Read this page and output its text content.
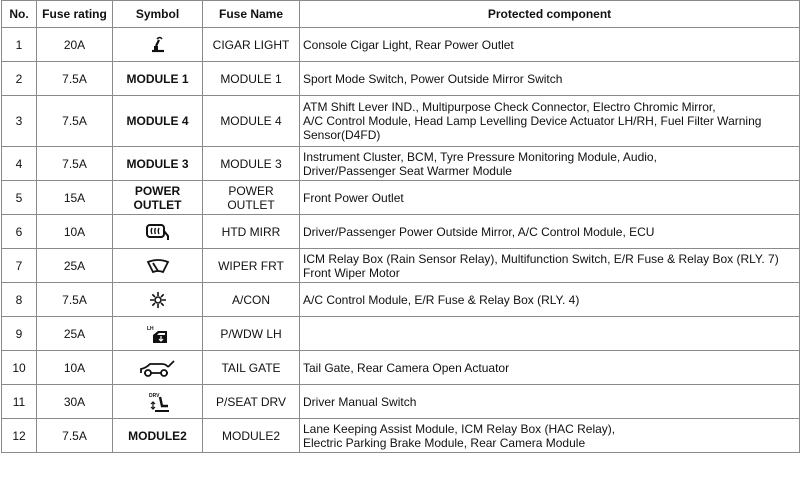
No.	Fuse rating	Symbol	Fuse Name	Protected component
1	20A		CIGAR LIGHT	Console Cigar Light, Rear Power Outlet

2	7.5A	MODULE 1	MODULE 1	Sport Mode Switch, Power Outside Mirror Switch

3	7.5A	MODULE 4	MODULE 4	ATM Shift Lever IND., Multipurpose Check Connector, Electro Chromic Mirror,
A/C Control Module, Head Lamp Levelling Device Actuator LH/RH, Fuel Filter Warning
Sensor(D4FD)

4	7.5A	MODULE 3	MODULE 3	Instrument Cluster, BCM, Tyre Pressure Monitoring Module, Audio,
Driver/Passenger Seat Warmer Module

5	15A	POWER
OUTLET	POWER
OUTLET	Front Power Outlet

6	10A		HTD MIRR	Driver/Passenger Power Outside Mirror, A/C Control Module, ECU

7	25A		WIPER FRT	ICM Relay Box (Rain Sensor Relay), Multifunction Switch, E/R Fuse & Relay Box (RLY. 7)
Front Wiper Motor

8	7.5A		A/CON	A/C Control Module, E/R Fuse & Relay Box (RLY. 4)

9	25A	LH	P/WDW LH	

10	10A		TAIL GATE	Tail Gate, Rear Camera Open Actuator

11	30A	DRV	P/SEAT DRV	Driver Manual Switch

12	7.5A	MODULE2	MODULE2	Lane Keeping Assist Module, ICM Relay Box (HAC Relay),
Electric Parking Brake Module, Rear Camera Module
